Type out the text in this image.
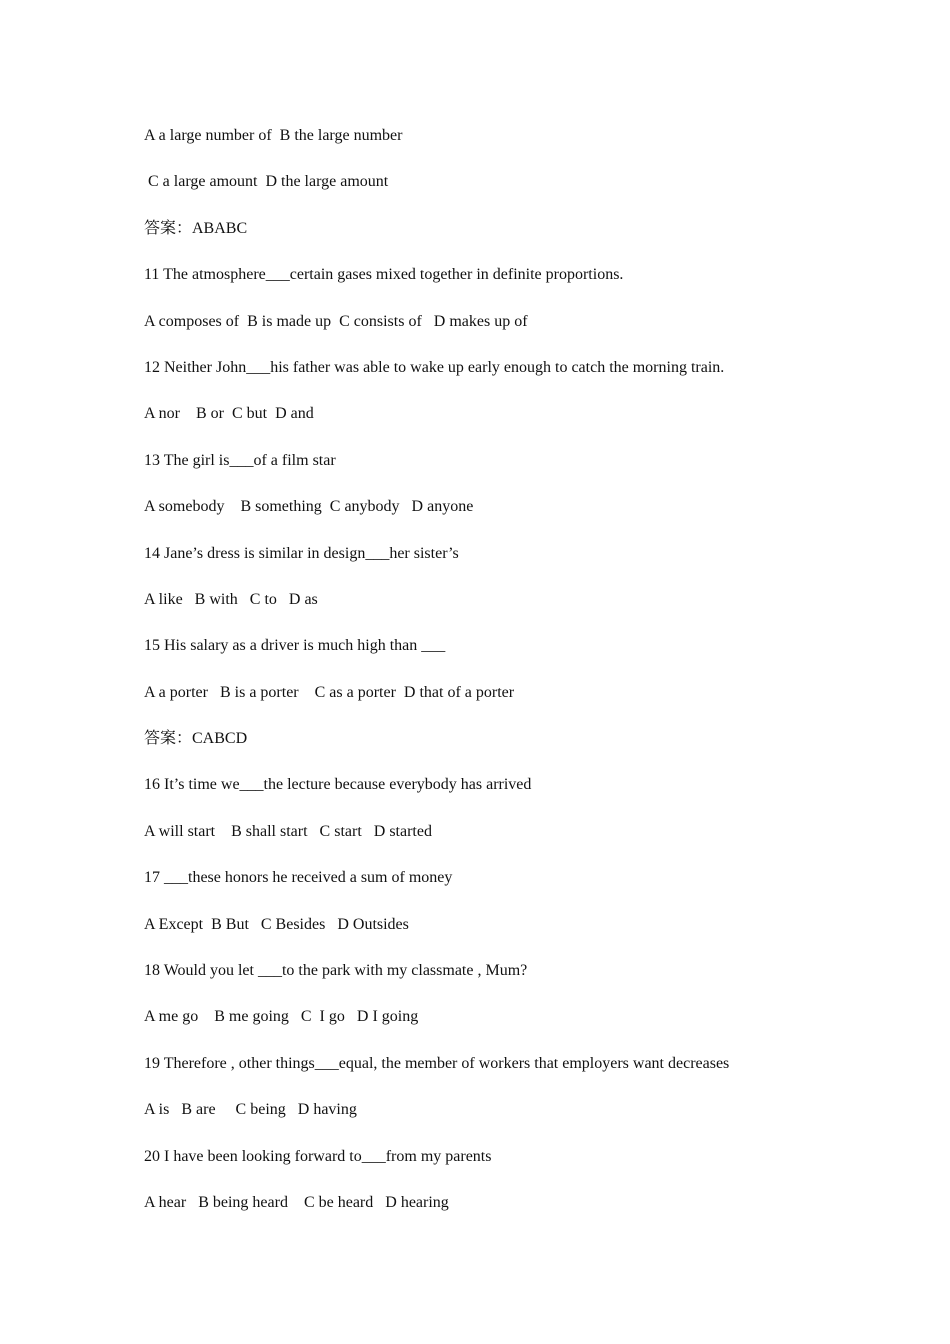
A a large number of  B the large number
C a large amount  D the large amount
答案：ABABC
11 The atmosphere___certain gases mixed together in definite proportions.
A composes of  B is made up  C consists of   D makes up of
12 Neither John___his father was able to wake up early enough to catch the morning train.
A nor    B or  C but  D and
13 The girl is___of a film star
A somebody    B something  C anybody   D anyone
14 Jane’s dress is similar in design___her sister’s
A like   B with   C to   D as
15 His salary as a driver is much high than ___
A a porter   B is a porter    C as a porter  D that of a porter
答案：CABCD
16 It’s time we___the lecture because everybody has arrived
A will start    B shall start   C start   D started
17 ___these honors he received a sum of money
A Except  B But   C Besides   D Outsides
18 Would you let ___to the park with my classmate , Mum?
A me go    B me going   C  I go   D I going
19 Therefore , other things___equal, the member of workers that employers want decreases
A is   B are     C being   D having
20 I have been looking forward to___from my parents
A hear   B being heard    C be heard   D hearing
